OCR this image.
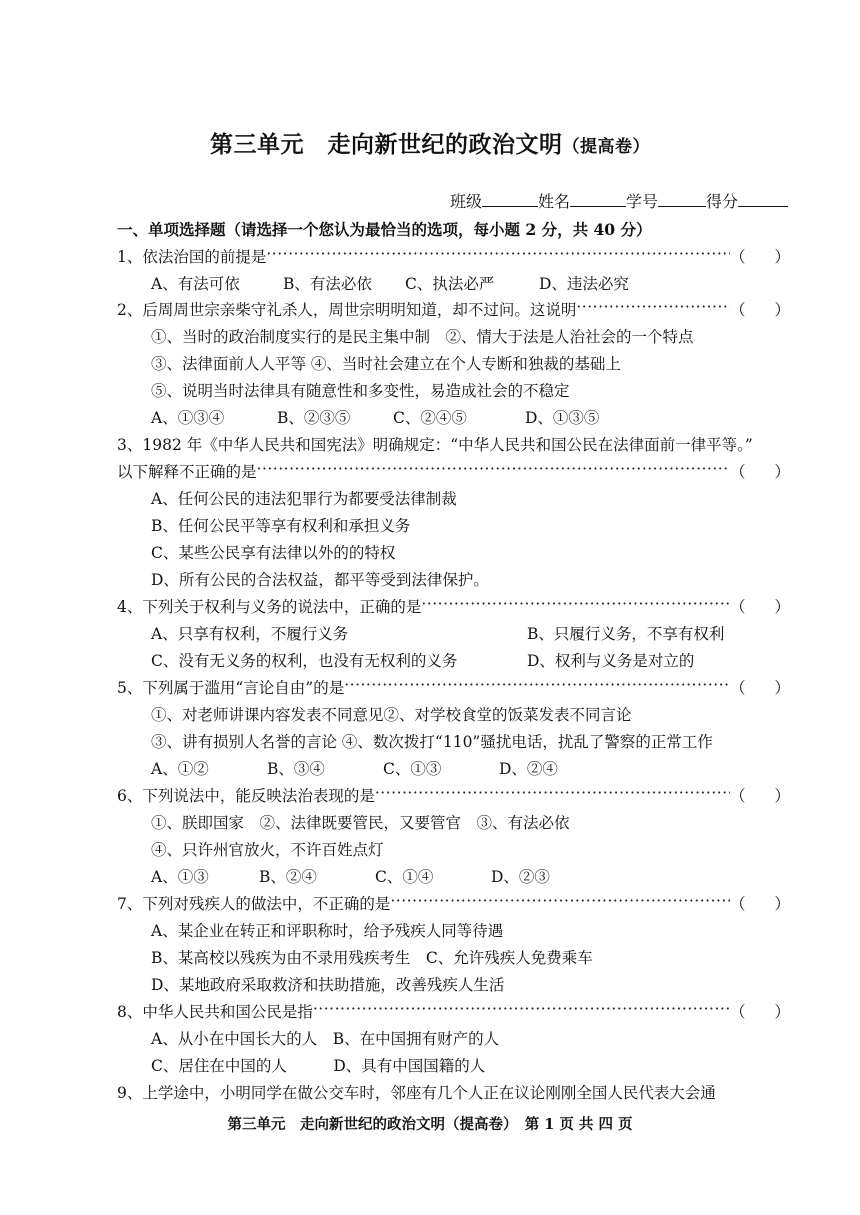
第三单元　走向新世纪的政治文明（提高卷）
班级	姓名	学号	得分
一、单项选择题（请选择一个您认为最恰当的选项，每小题 2 分，共 40 分）
1、依法治国的前提是 ·····	（ ）
A、有法可依	B、有法必依 C、执法必严	D、违法必究
2、后周周世宗亲柴守礼杀人，周世宗明明知道，却不过问。这说明 ·····	（ ）
①、当时的政治制度实行的是民主集中制　②、情大于法是人治社会的一个特点
③、法律面前人人平等 ④、当时社会建立在个人专断和独裁的基础上
⑤、说明当时法律具有随意性和多变性，易造成社会的不稳定
A、①③④	B、②③⑤	C、②④⑤	D、①③⑤
3、1982 年《中华人民共和国宪法》明确规定：“中华人民共和国公民在法律面前一律平等。”
以下解释不正确的是 ·····	（ ）
A、任何公民的违法犯罪行为都要受法律制裁
B、任何公民平等享有权利和承担义务
C、某些公民享有法律以外的的特权
D、所有公民的合法权益，都平等受到法律保护。
4、下列关于权利与义务的说法中，正确的是 ·····	（ ）
A、只享有权利，不履行义务	B、只履行义务，不享有权利
C、没有无义务的权利，也没有无权利的义务	D、权利与义务是对立的
5、下列属于滥用“言论自由”的是 ·····	（ ）
①、对老师讲课内容发表不同意见②、对学校食堂的饭菜发表不同言论
③、讲有损别人名誉的言论 ④、数次拨打“110”骚扰电话，扰乱了警察的正常工作
A、①②	B、③④	C、①③	D、②④
6、下列说法中，能反映法治表现的是 ·····	（ ）
①、朕即国家　②、法律既要管民，又要管官　③、有法必依
④、只许州官放火，不许百姓点灯
A、①③	B、②④	C、①④	D、②③
7、下列对残疾人的做法中，不正确的是 ·····	（ ）
A、某企业在转正和评职称时，给予残疾人同等待遇
B、某高校以残疾为由不录用残疾考生　C、允许残疾人免费乘车
D、某地政府采取救济和扶助措施，改善残疾人生活
8、中华人民共和国公民是指 ·····	（ ）
A、从小在中国长大的人　B、在中国拥有财产的人
C、居住在中国的人　　　D、具有中国国籍的人
9、上学途中，小明同学在做公交车时，邻座有几个人正在议论刚刚全国人民代表大会通
第三单元　走向新世纪的政治文明（提高卷）　第 1 页 共 四 页
